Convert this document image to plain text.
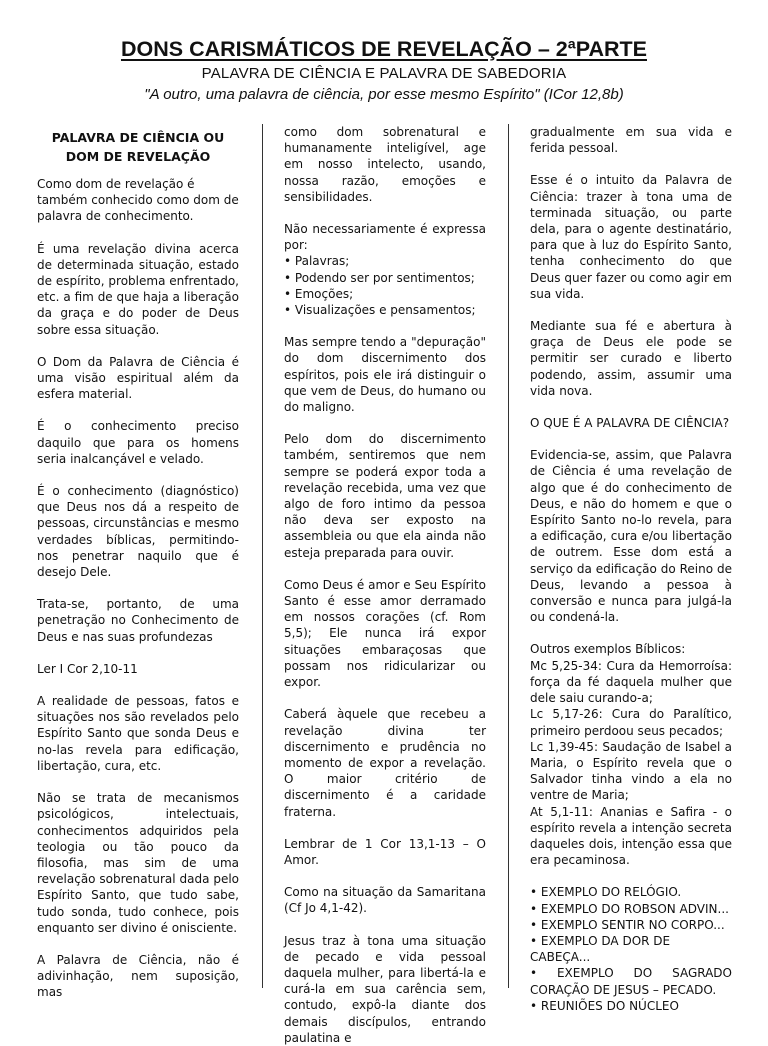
DONS CARISMÁTICOS DE REVELAÇÃO – 2ªPARTE
PALAVRA DE CIÊNCIA E PALAVRA DE SABEDORIA
"A outro, uma palavra de ciência, por esse mesmo Espírito" (ICor 12,8b)
PALAVRA DE CIÊNCIA OU
DOM DE REVELAÇÃO

Como dom de revelação é também conhecido como dom de palavra de conhecimento.

É uma revelação divina acerca de determinada situação, estado de espírito, problema enfrentado, etc. a fim de que haja a liberação da graça e do poder de Deus sobre essa situação.

O Dom da Palavra de Ciência é uma visão espiritual além da esfera material.

É o conhecimento preciso daquilo que para os homens seria inalcançável e velado.

É o conhecimento (diagnóstico) que Deus nos dá a respeito de pessoas, circunstâncias e mesmo verdades bíblicas, permitindo-nos penetrar naquilo que é desejo Dele.

Trata-se, portanto, de uma penetração no Conhecimento de Deus e nas suas profundezas

Ler I Cor 2,10-11

A realidade de pessoas, fatos e situações nos são revelados pelo Espírito Santo que sonda Deus e no-las revela para edificação, libertação, cura, etc.

Não se trata de mecanismos psicológicos, intelectuais, conhecimentos adquiridos pela teologia ou tão pouco da filosofia, mas sim de uma revelação sobrenatural dada pelo Espírito Santo, que tudo sabe, tudo sonda, tudo conhece, pois enquanto ser divino é onisciente.

A Palavra de Ciência, não é adivinhação, nem suposição, mas

como dom sobrenatural e humanamente inteligível, age em nosso intelecto, usando, nossa razão, emoções e sensibilidades.

Não necessariamente é expressa por:

• Palavras;
• Podendo ser por sentimentos;
• Emoções;
• Visualizações e pensamentos;

Mas sempre tendo a "depuração" do dom discernimento dos espíritos, pois ele irá distinguir o que vem de Deus, do humano ou do maligno.

Pelo dom do discernimento também, sentiremos que nem sempre se poderá expor toda a revelação recebida, uma vez que algo de foro intimo da pessoa não deva ser exposto na assembleia ou que ela ainda não esteja preparada para ouvir.

Como Deus é amor e Seu Espírito Santo é esse amor derramado em nossos corações (cf. Rom 5,5); Ele nunca irá expor situações embaraçosas que possam nos ridicularizar ou expor.

Caberá àquele que recebeu a revelação divina ter discernimento e prudência no momento de expor a revelação. O maior critério de discernimento é a caridade fraterna.

Lembrar de 1 Cor 13,1-13 – O Amor.

Como na situação da Samaritana (Cf Jo 4,1-42).

Jesus traz à tona uma situação de pecado e vida pessoal daquela mulher, para libertá-la e curá-la em sua carência sem, contudo, expô-la diante dos demais discípulos, entrando paulatina e

gradualmente em sua vida e ferida pessoal.

Esse é o intuito da Palavra de Ciência: trazer à tona uma de terminada situação, ou parte dela, para o agente destinatário, para que à luz do Espírito Santo, tenha conhecimento do que Deus quer fazer ou como agir em sua vida.

Mediante sua fé e abertura à graça de Deus ele pode se permitir ser curado e liberto podendo, assim, assumir uma vida nova.

O QUE É A PALAVRA DE CIÊNCIA?

Evidencia-se, assim, que Palavra de Ciência é uma revelação de algo que é do conhecimento de Deus, e não do homem e que o Espírito Santo no-lo revela, para a edificação, cura e/ou libertação de outrem. Esse dom está a serviço da edificação do Reino de Deus, levando a pessoa à conversão e nunca para julgá-la ou condená-la.

Outros exemplos Bíblicos:
Mc 5,25-34: Cura da Hemorroísa: força da fé daquela mulher que dele saiu curando-a;
Lc 5,17-26: Cura do Paralítico, primeiro perdoou seus pecados;
Lc 1,39-45: Saudação de Isabel a Maria, o Espírito revela que o Salvador tinha vindo a ela no ventre de Maria;
At 5,1-11: Ananias e Safira - o espírito revela a intenção secreta daqueles dois, intenção essa que era pecaminosa.
• EXEMPLO DO RELÓGIO.
• EXEMPLO DO ROBSON ADVIN...
• EXEMPLO SENTIR NO CORPO...
• EXEMPLO DA DOR DE CABEÇA...
• EXEMPLO DO SAGRADO CORAÇÃO DE JESUS – PECADO.
• REUNIÕES DO NÚCLEO
